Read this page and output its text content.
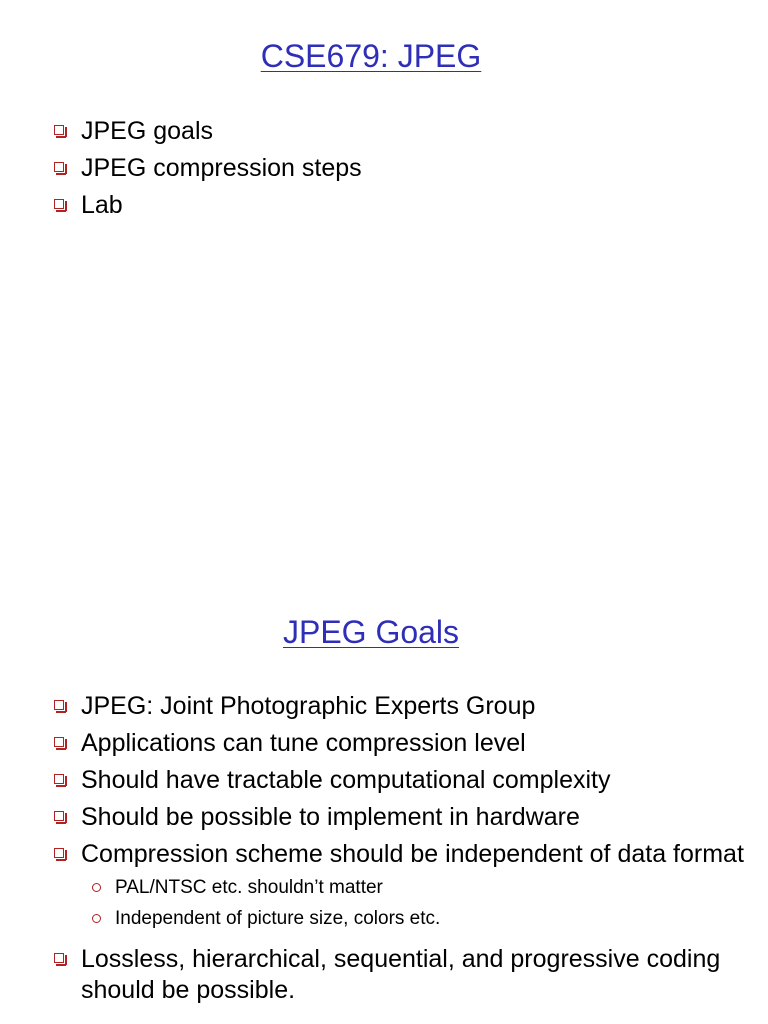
CSE679: JPEG
JPEG goals
JPEG compression steps
Lab
JPEG Goals
JPEG: Joint Photographic Experts Group
Applications can tune compression level
Should have tractable computational complexity
Should be possible to implement in hardware
Compression scheme should be independent of data format
PAL/NTSC etc. shouldn’t matter
Independent of picture size, colors etc.
Lossless, hierarchical, sequential, and progressive coding should be possible.
